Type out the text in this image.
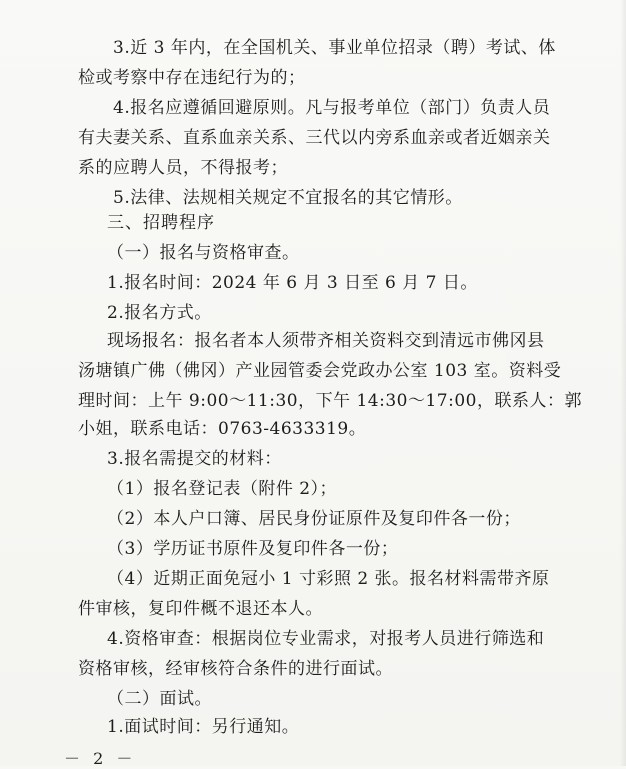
3.近 3 年内，在全国机关、事业单位招录（聘）考试、体
检或考察中存在违纪行为的；
4.报名应遵循回避原则。凡与报考单位（部门）负责人员
有夫妻关系、直系血亲关系、三代以内旁系血亲或者近姻亲关
系的应聘人员，不得报考；
5.法律、法规相关规定不宜报名的其它情形。
三、招聘程序
（一）报名与资格审查。
1.报名时间：2024 年 6 月 3 日至 6 月 7 日。
2.报名方式。
现场报名：报名者本人须带齐相关资料交到清远市佛冈县
汤塘镇广佛（佛冈）产业园管委会党政办公室 103 室。资料受
理时间：上午 9:00～11:30，下午 14:30～17:00，联系人：郭
小姐，联系电话：0763-4633319。
3.报名需提交的材料：
（1）报名登记表（附件 2）；
（2）本人户口簿、居民身份证原件及复印件各一份；
（3）学历证书原件及复印件各一份；
（4）近期正面免冠小 1 寸彩照 2 张。报名材料需带齐原
件审核，复印件概不退还本人。
4.资格审查：根据岗位专业需求，对报考人员进行筛选和
资格审核，经审核符合条件的进行面试。
（二）面试。
1.面试时间：另行通知。
－ 2 －
